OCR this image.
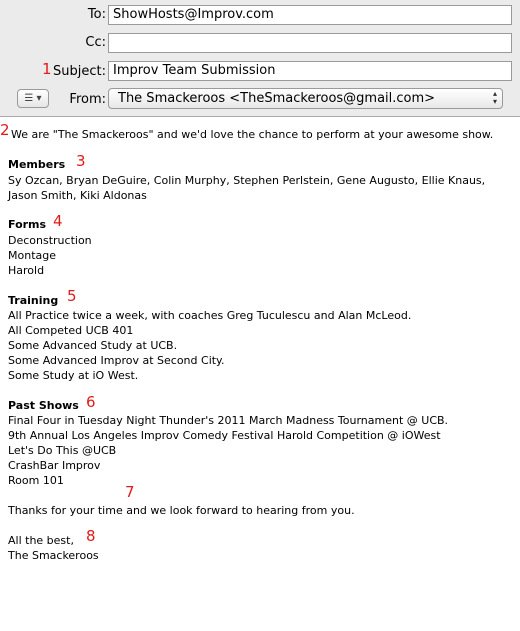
To: ShowHosts@Improv.com
Cc:
1 Subject: Improv Team Submission
☰ ▾	From: The Smackeroos <TheSmackeroos@gmail.com>	▴
▾
2 We are "The Smackeroos" and we'd love the chance to perform at your awesome show.
Members 3
Sy Ozcan, Bryan DeGuire, Colin Murphy, Stephen Perlstein, Gene Augusto, Ellie Knaus,
Jason Smith, Kiki Aldonas
Forms 4
Deconstruction
Montage
Harold
Training 5
All Practice twice a week, with coaches Greg Tuculescu and Alan McLeod.
All Competed UCB 401
Some Advanced Study at UCB.
Some Advanced Improv at Second City.
Some Study at iO West.
Past Shows 6
Final Four in Tuesday Night Thunder's 2011 March Madness Tournament @ UCB.
9th Annual Los Angeles Improv Comedy Festival Harold Competition @ iOWest
Let's Do This @UCB
CrashBar Improv
Room 101
7
Thanks for your time and we look forward to hearing from you.
All the best, 8
The Smackeroos
